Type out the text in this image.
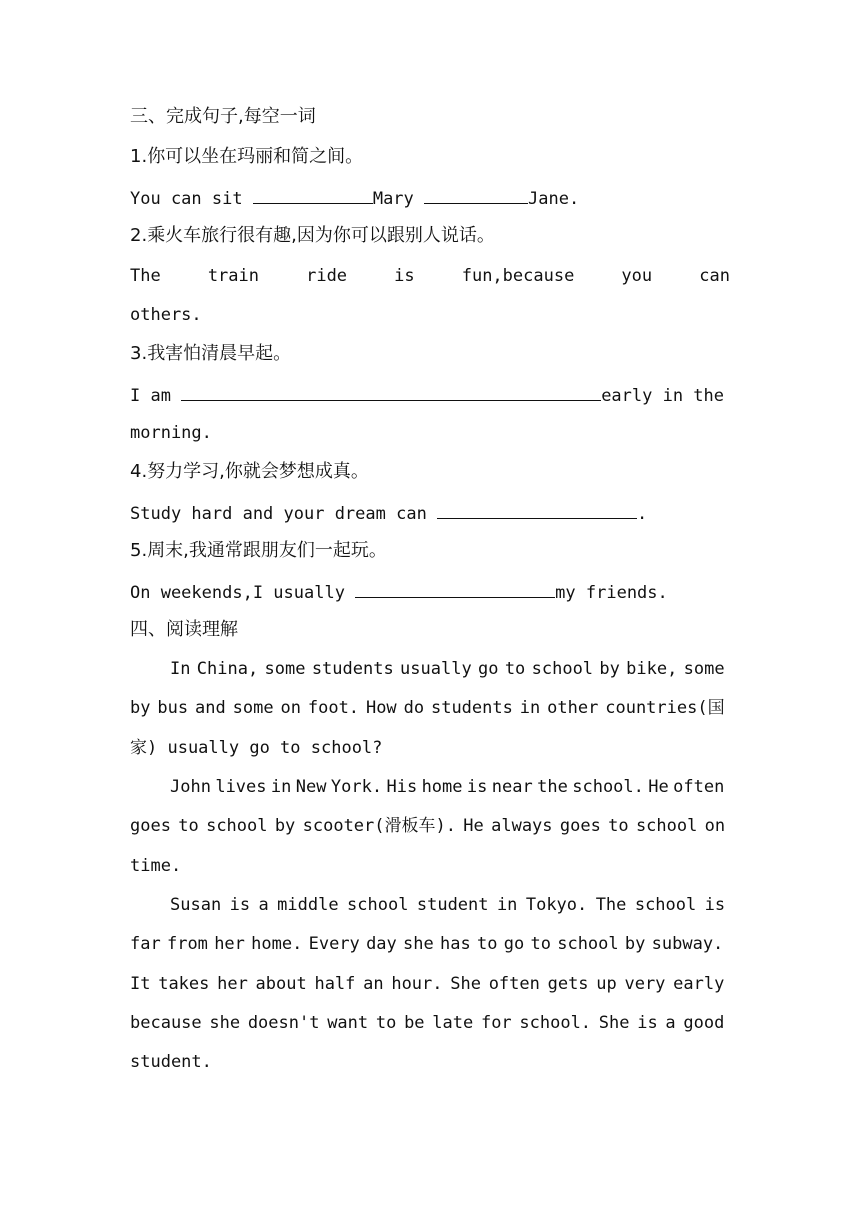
三、完成句子,每空一词
1.你可以坐在玛丽和简之间。
You can sit	Mary	Jane.
2.乘火车旅行很有趣,因为你可以跟别人说话。
The	train	ride	is	fun,because	you	can
others.
3.我害怕清晨早起。
I am	early in the
morning.
4.努力学习,你就会梦想成真。
Study hard and your dream can	.
5.周末,我通常跟朋友们一起玩。
On weekends,I usually	my friends.
四、阅读理解
In China, some students usually go to school by bike, some
by bus and some on foot. How do students in other countries(国
家) usually go to school?
John lives in New York. His home is near the school. He often
goes to school by scooter(滑板车). He always goes to school on
time.
Susan is a middle school student in Tokyo. The school is
far from her home. Every day she has to go to school by subway.
It takes her about half an hour. She often gets up very early
because she doesn't want to be late for school. She is a good
student.
